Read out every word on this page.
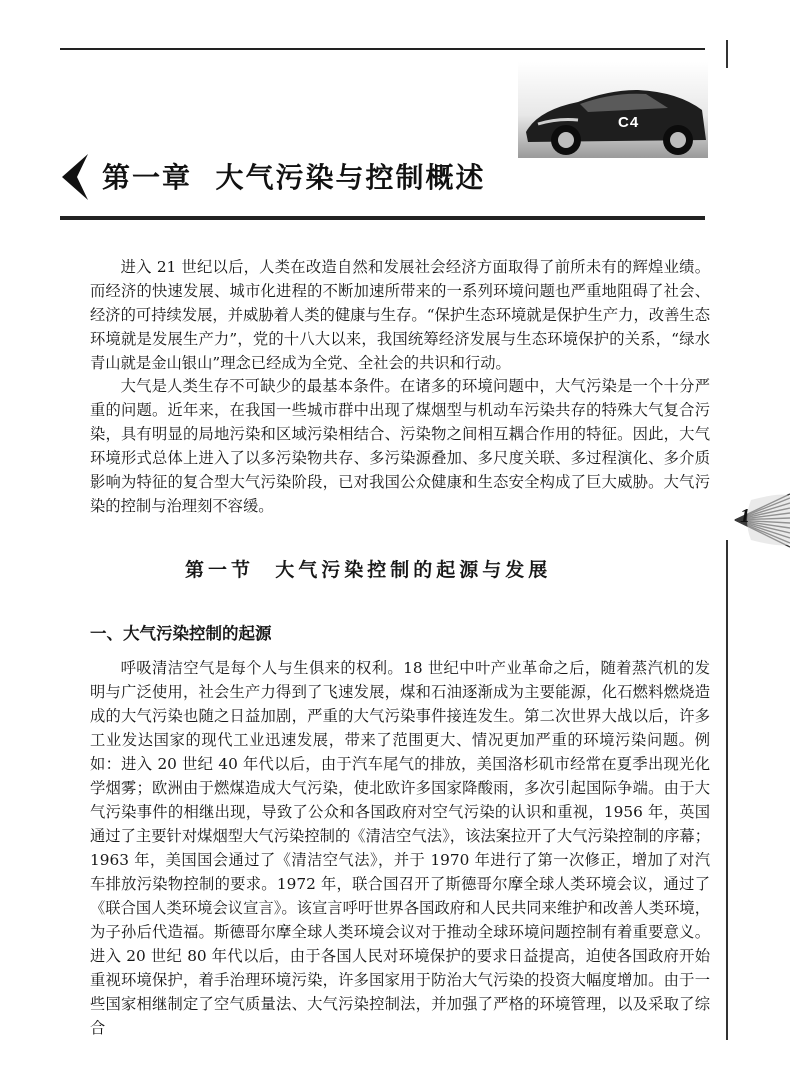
C4
第一章  大气污染与控制概述

进入 21 世纪以后，人类在改造自然和发展社会经济方面取得了前所未有的辉煌业绩。而经济的快速发展、城市化进程的不断加速所带来的一系列环境问题也严重地阻碍了社会、经济的可持续发展，并威胁着人类的健康与生存。“保护生态环境就是保护生产力，改善生态环境就是发展生产力”，党的十八大以来，我国统筹经济发展与生态环境保护的关系，“绿水青山就是金山银山”理念已经成为全党、全社会的共识和行动。

大气是人类生存不可缺少的最基本条件。在诸多的环境问题中，大气污染是一个十分严重的问题。近年来，在我国一些城市群中出现了煤烟型与机动车污染共存的特殊大气复合污染，具有明显的局地污染和区域污染相结合、污染物之间相互耦合作用的特征。因此，大气环境形式总体上进入了以多污染物共存、多污染源叠加、多尺度关联、多过程演化、多介质影响为特征的复合型大气污染阶段，已对我国公众健康和生态安全构成了巨大威胁。大气污染的控制与治理刻不容缓。	1
第一节  大气污染控制的起源与发展
一、大气污染控制的起源

呼吸清洁空气是每个人与生俱来的权利。18 世纪中叶产业革命之后，随着蒸汽机的发明与广泛使用，社会生产力得到了飞速发展，煤和石油逐渐成为主要能源，化石燃料燃烧造成的大气污染也随之日益加剧，严重的大气污染事件接连发生。第二次世界大战以后，许多工业发达国家的现代工业迅速发展，带来了范围更大、情况更加严重的环境污染问题。例如：进入 20 世纪 40 年代以后，由于汽车尾气的排放，美国洛杉矶市经常在夏季出现光化学烟雾；欧洲由于燃煤造成大气污染，使北欧许多国家降酸雨，多次引起国际争端。由于大气污染事件的相继出现，导致了公众和各国政府对空气污染的认识和重视，1956 年，英国通过了主要针对煤烟型大气污染控制的《清洁空气法》，该法案拉开了大气污染控制的序幕；1963 年，美国国会通过了《清洁空气法》，并于 1970 年进行了第一次修正，增加了对汽车排放污染物控制的要求。1972 年，联合国召开了斯德哥尔摩全球人类环境会议，通过了《联合国人类环境会议宣言》。该宣言呼吁世界各国政府和人民共同来维护和改善人类环境，为子孙后代造福。斯德哥尔摩全球人类环境会议对于推动全球环境问题控制有着重要意义。进入 20 世纪 80 年代以后，由于各国人民对环境保护的要求日益提高，迫使各国政府开始重视环境保护，着手治理环境污染，许多国家用于防治大气污染的投资大幅度增加。由于一些国家相继制定了空气质量法、大气污染控制法，并加强了严格的环境管理，以及采取了综合
